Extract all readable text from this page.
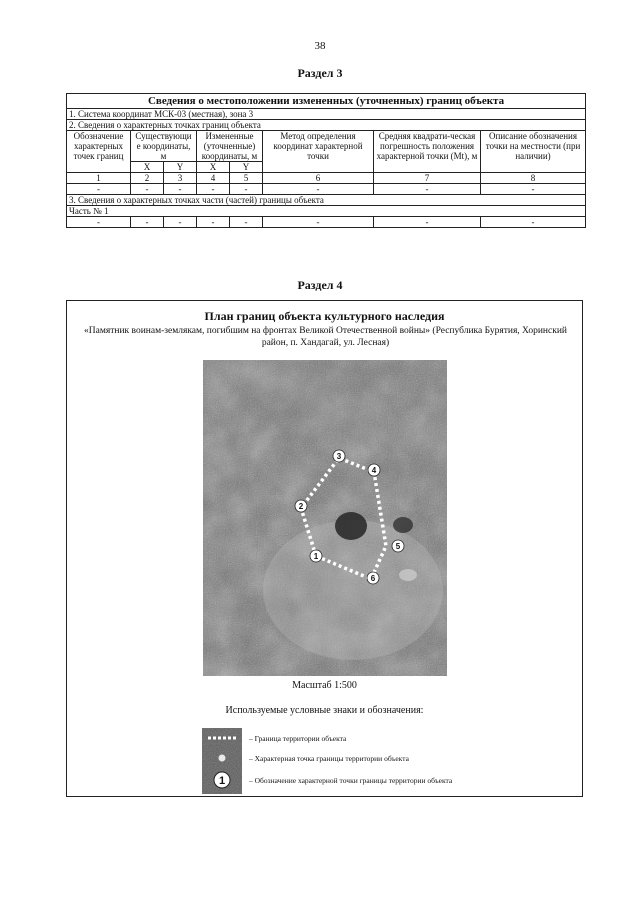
38
Раздел 3
Сведения о местоположении измененных (уточненных) границ объекта							
1. Система координат МСК-03 (местная), зона 3							
2. Сведения о характерных точках границ объекта							
Обозначение характерных точек границ	Существующи е координаты, м		Измененные (уточненные) координаты, м		Метод определения координат характерной точки	Средняя квадрати-ческая погрешность положения характерной точки (Mt), м	Описание обозначения точки на местности (при наличии)
	X	Y	X	Y			
1	2	3	4	5	6	7	8
-	-	-	-	-	-	-	-
3. Сведения о характерных точках части (частей) границы объекта							
Часть № 1							
-	-	-	-	-	-	-	-
Раздел 4
План границ объекта культурного наследия
«Памятник воинам-землякам, погибшим на фронтах Великой Отечественной войны» (Республика Бурятия, Хоринский район, п. Хандагай, ул. Лесная)
1
2
3
4
5
6
Масштаб 1:500
Используемые условные знаки и обозначения:
1
– Граница территории объекта
– Характерная точка границы территории объекта
– Обозначение характерной точки границы территории объекта
